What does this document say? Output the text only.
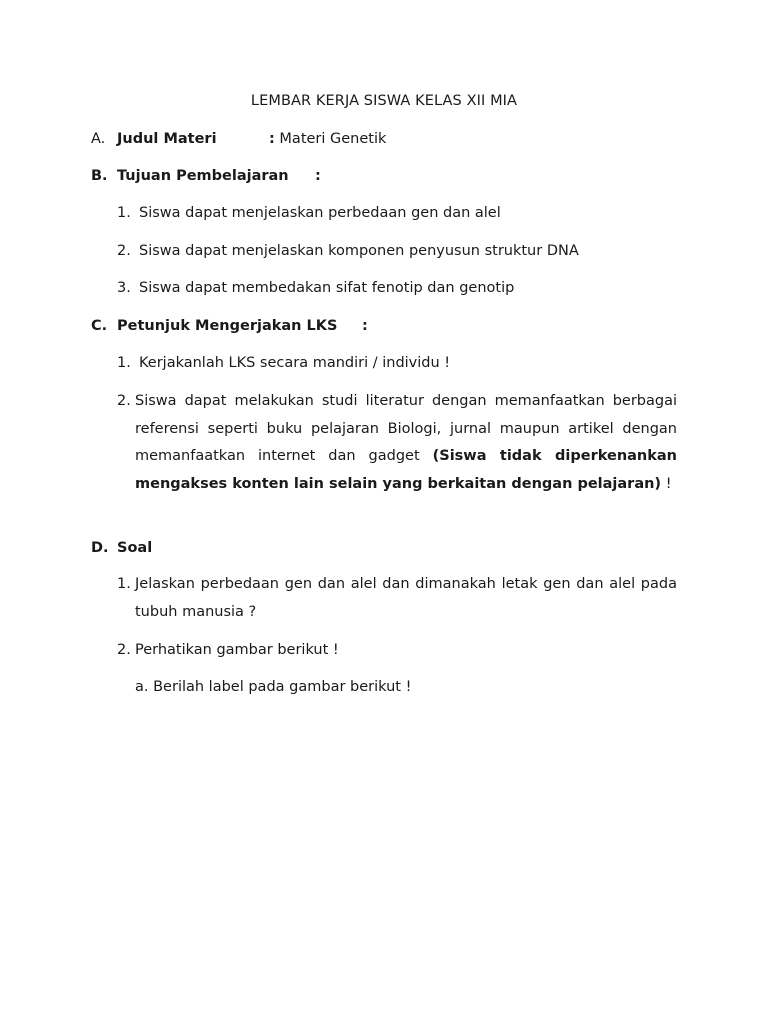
LEMBAR KERJA SISWA KELAS XII MIA
A. Judul Materi	: Materi Genetik
B. Tujuan Pembelajaran :
1. Siswa dapat menjelaskan perbedaan gen dan alel
2. Siswa dapat menjelaskan komponen penyusun struktur DNA
3. Siswa dapat membedakan sifat fenotip dan genotip
C. Petunjuk Mengerjakan LKS :
1. Kerjakanlah LKS secara mandiri / individu !
2. Siswa dapat melakukan studi literatur dengan memanfaatkan berbagai referensi seperti buku pelajaran Biologi, jurnal maupun artikel dengan memanfaatkan internet dan gadget (Siswa tidak diperkenankan mengakses konten lain selain yang berkaitan dengan pelajaran) !
D. Soal
1. Jelaskan perbedaan gen dan alel dan dimanakah letak gen dan alel pada tubuh manusia ?
2. Perhatikan gambar berikut !
a. Berilah label pada gambar berikut !
